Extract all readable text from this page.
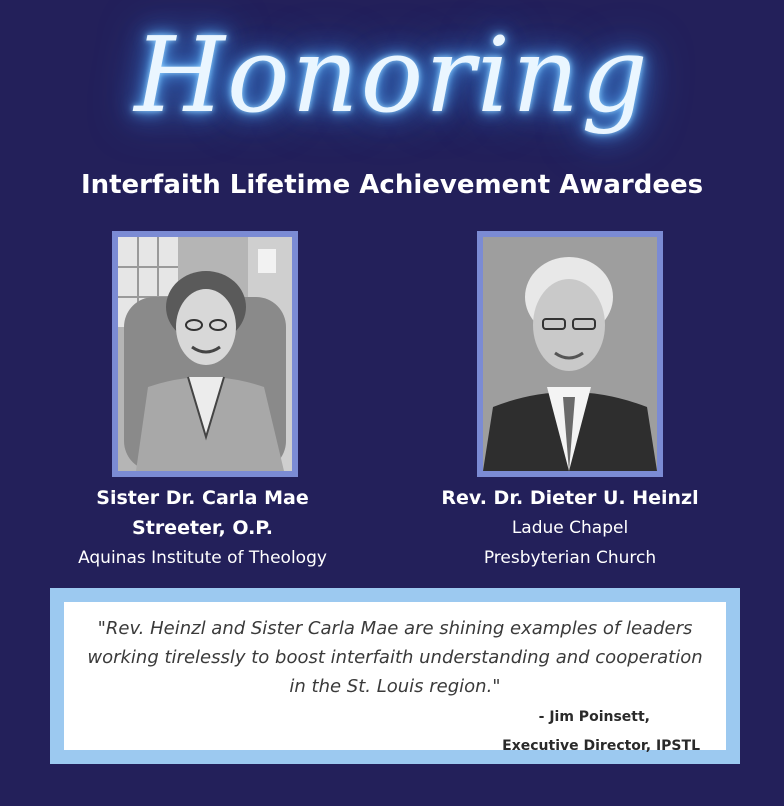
Honoring
Interfaith Lifetime Achievement Awardees
Sister Dr. Carla Mae
Streeter, O.P.
Aquinas Institute of Theology
Rev. Dr. Dieter U. Heinzl
Ladue Chapel
Presbyterian Church
"Rev. Heinzl and Sister Carla Mae are shining examples of leaders working tirelessly to boost interfaith understanding and cooperation in the St. Louis region."
- Jim Poinsett,
Executive Director, IPSTL
